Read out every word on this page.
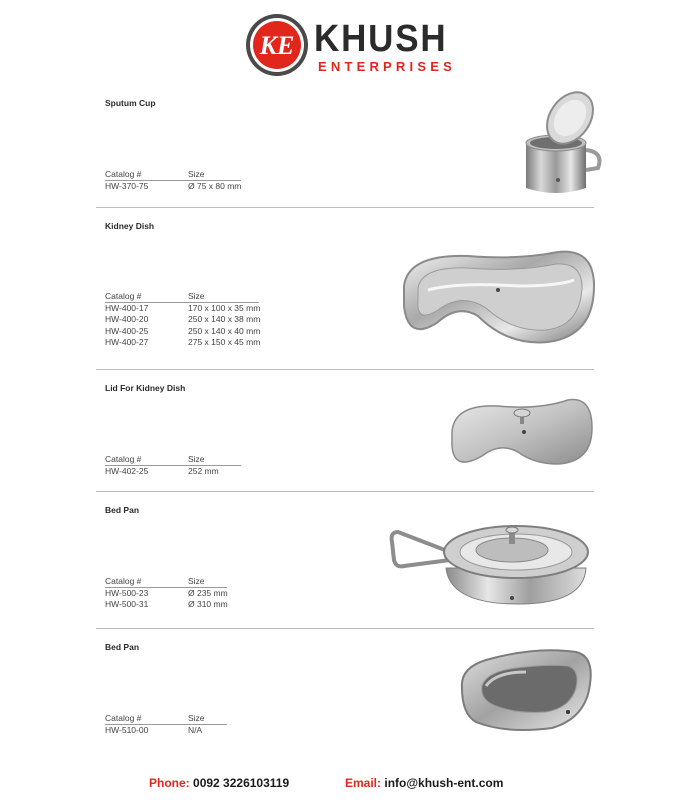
KE KHUSH
ENTERPRISES
Sputum Cup
Catalog #	Size
HW-370-75	Ø 75 x 80 mm
Kidney Dish
Catalog #	Size
HW-400-17	170 x 100 x 35 mm
HW-400-20	250 x 140 x 38 mm
HW-400-25	250 x 140 x 40 mm
HW-400-27	275 x 150 x 45 mm
Lid For Kidney Dish
Catalog #	Size
HW-402-25	252 mm
Bed Pan
Catalog #	Size
HW-500-23	Ø 235 mm
HW-500-31	Ø 310 mm
Bed Pan
Catalog #	Size
HW-510-00	N/A
Phone: 0092 3226103119	Email: info@khush-ent.com
